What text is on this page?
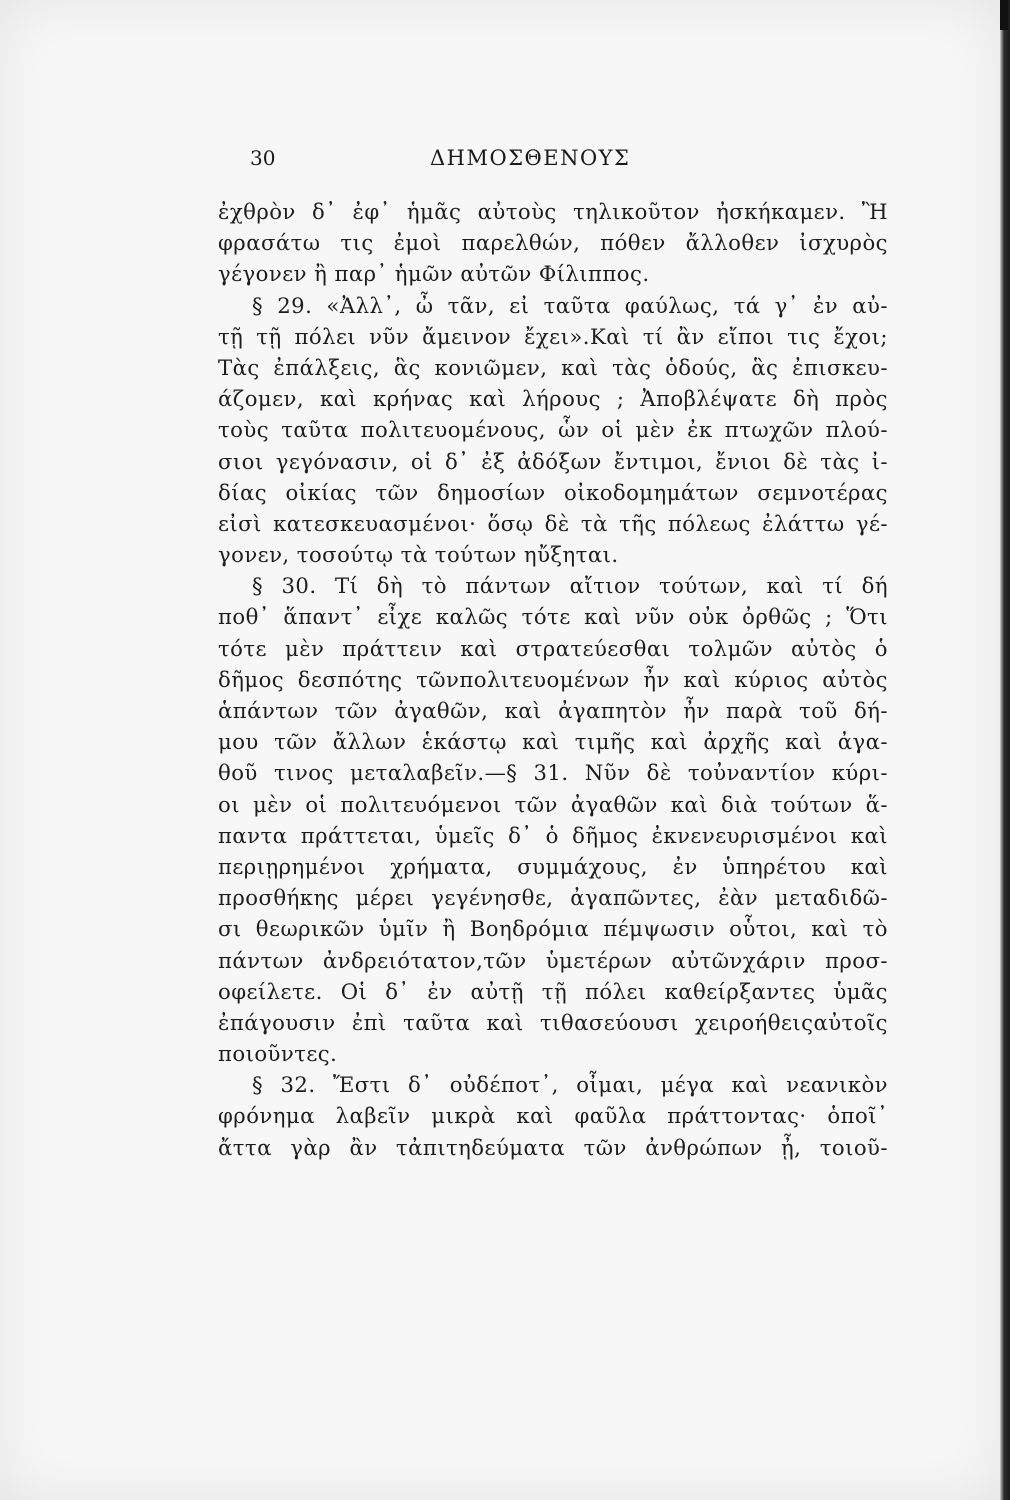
30	ΔΗΜΟΣΘΕΝΟΥΣ
ἐχθρὸν δ᾽ ἐφ᾽ ἡμᾶς αὐτοὺς τηλικοῦτον ἠσκήκαμεν. Ἢ
φρασάτω τις ἐμοὶ παρελθών, πόθεν ἄλλοθεν ἰσχυρὸς
γέγονεν ἢ παρ᾽ ἡμῶν αὐτῶν Φίλιππος.
§ 29. «Ἀλλ᾽, ὦ τᾶν, εἰ ταῦτα φαύλως, τά γ᾽ ἐν αὐ-
τῇ τῇ πόλει νῦν ἄμεινον ἔχει».Καὶ τί ἂν εἴποι τις ἔχοι;
Τὰς ἐπάλξεις, ἃς κονιῶμεν, καὶ τὰς ὁδούς, ἃς ἐπισκευ-
άζομεν, καὶ κρήνας καὶ λήρους ; Ἀποβλέψατε δὴ πρὸς
τοὺς ταῦτα πολιτευομένους, ὧν οἱ μὲν ἐκ πτωχῶν πλού-
σιοι γεγόνασιν, οἱ δ᾽ ἐξ ἀδόξων ἔντιμοι, ἔνιοι δὲ τὰς ἰ-
δίας οἰκίας τῶν δημοσίων οἰκοδομημάτων σεμνοτέρας
εἰσὶ κατεσκευασμένοι· ὅσῳ δὲ τὰ τῆς πόλεως ἐλάττω γέ-
γονεν, τοσούτῳ τὰ τούτων ηὔξηται.
§ 30. Τί δὴ τὸ πάντων αἴτιον τούτων, καὶ τί δή
ποθ᾽ ἅπαντ᾽ εἶχε καλῶς τότε καὶ νῦν οὐκ ὀρθῶς ; Ὅτι
τότε μὲν πράττειν καὶ στρατεύεσθαι τολμῶν αὐτὸς ὁ
δῆμος δεσπότης τῶνπολιτευομένων ἦν καὶ κύριος αὐτὸς
ἁπάντων τῶν ἀγαθῶν, καὶ ἀγαπητὸν ἦν παρὰ τοῦ δή-
μου τῶν ἄλλων ἑκάστῳ καὶ τιμῆς καὶ ἀρχῆς καὶ ἀγα-
θοῦ τινος μεταλαβεῖν.—§ 31. Νῦν δὲ τοὐναντίον κύρι-
οι μὲν οἱ πολιτευόμενοι τῶν ἀγαθῶν καὶ διὰ τούτων ἅ-
παντα πράττεται, ὑμεῖς δ᾽ ὁ δῆμος ἐκνενευρισμένοι καὶ
περιῃρημένοι χρήματα, συμμάχους, ἐν ὑπηρέτου καὶ
προσθήκης μέρει γεγένησθε, ἀγαπῶντες, ἐὰν μεταδιδῶ-
σι θεωρικῶν ὑμῖν ἢ Βοηδρόμια πέμψωσιν οὗτοι, καὶ τὸ
πάντων ἀνδρειότατον,τῶν ὑμετέρων αὐτῶνχάριν προσ-
οφείλετε. Οἱ δ᾽ ἐν αὐτῇ τῇ πόλει καθείρξαντες ὑμᾶς
ἐπάγουσιν ἐπὶ ταῦτα καὶ τιθασεύουσι χειροήθειςαὐτοῖς
ποιοῦντες.
§ 32. Ἔστι δ᾽ οὐδέποτ᾽, οἶμαι, μέγα καὶ νεανικὸν
φρόνημα λαβεῖν μικρὰ καὶ φαῦλα πράττοντας· ὁποῖ᾽
ἄττα γὰρ ἂν τἀπιτηδεύματα τῶν ἀνθρώπων ᾖ, τοιοῦ-
